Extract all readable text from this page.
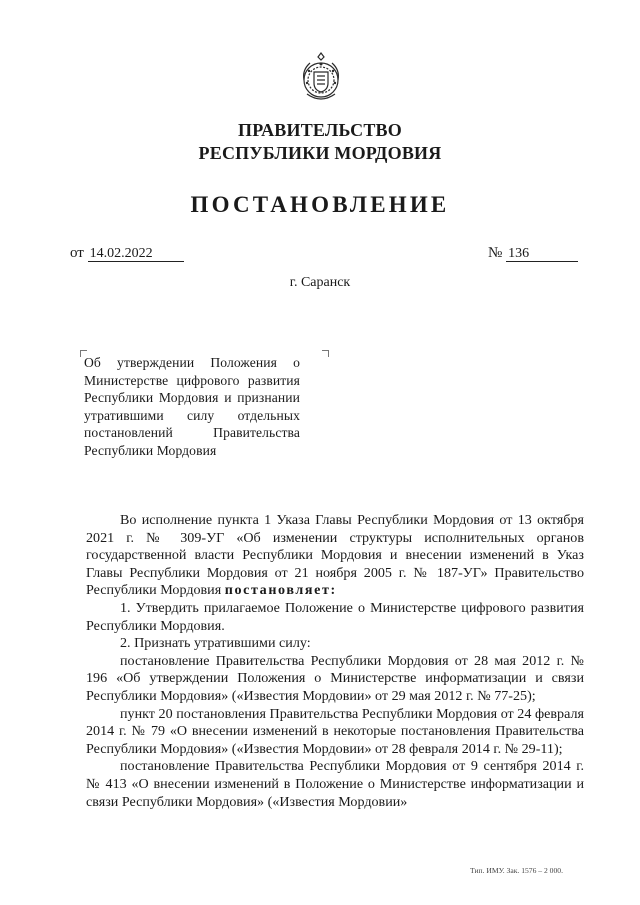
ПРАВИТЕЛЬСТВО
РЕСПУБЛИКИ МОРДОВИЯ
ПОСТАНОВЛЕНИЕ
от 14.02.2022	№ 136
г. Саранск
Об утверждении Положения о Министерстве цифрового развития Республики Мордовия и признании утратившими силу отдельных постановлений Правительства Республики Мордовия

Во исполнение пункта 1 Указа Главы Республики Мордовия от 13 октября 2021 г. № 309-УГ «Об изменении структуры исполнительных органов государственной власти Республики Мордовия и внесении изменений в Указ Главы Республики Мордовия от 21 ноября 2005 г. № 187-УГ» Правительство Республики Мордовия постановляет:

1. Утвердить прилагаемое Положение о Министерстве цифрового развития Республики Мордовия.

2. Признать утратившими силу:

постановление Правительства Республики Мордовия от 28 мая 2012 г. № 196 «Об утверждении Положения о Министерстве информатизации и связи Республики Мордовия» («Известия Мордовии» от 29 мая 2012 г. № 77-25);

пункт 20 постановления Правительства Республики Мордовия от 24 февраля 2014 г. № 79 «О внесении изменений в некоторые постановления Правительства Республики Мордовия» («Известия Мордовии» от 28 февраля 2014 г. № 29-11);

постановление Правительства Республики Мордовия от 9 сентября 2014 г. № 413 «О внесении изменений в Положение о Министерстве информатизации и связи Республики Мордовия» («Известия Мордовии»

Тип. ИМУ. Зак. 1576 – 2 000.
